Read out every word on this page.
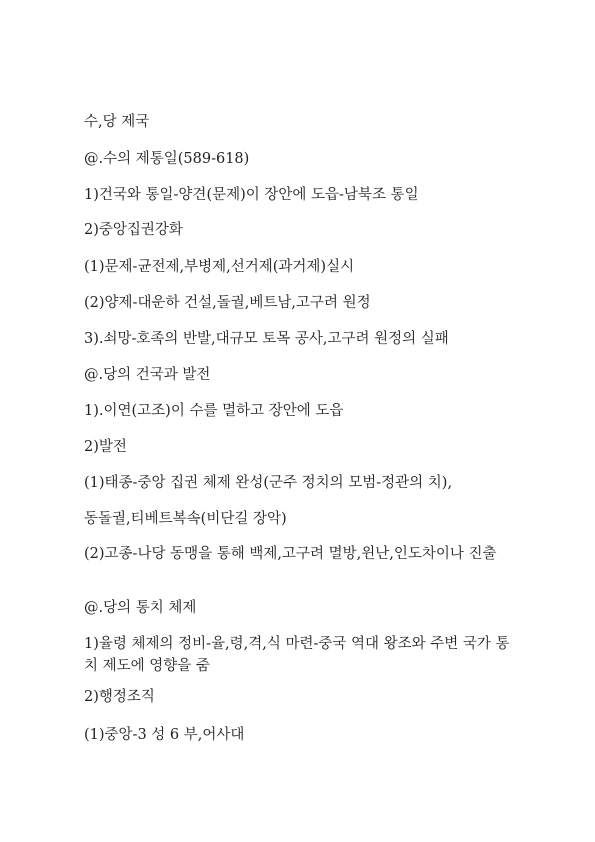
수,당 제국
@.수의 제통일(589-618)
1)건국와 통일-양견(문제)이 장안에 도읍-남북조 통일
2)중앙집권강화
(1)문제-균전제,부병제,선거제(과거제)실시
(2)양제-대운하 건설,돌궐,베트남,고구려 원정
3).쇠망-호족의 반발,대규모 토목 공사,고구려 원정의 실패
@.당의 건국과 발전
1).이연(고조)이 수를 멸하고 장안에 도읍
2)발전
(1)태종-중앙 집권 체제 완성(군주 정치의 모범-정관의 치),
동돌궐,티베트복속(비단길 장악)
(2)고종-나당 동맹을 통해 백제,고구려 멸방,윈난,인도차이나 진출
@.당의 통치 체제
1)율령 체제의 정비-율,령,격,식 마련-중국 역대 왕조와 주변 국가 통치 제도에 영향을 줌
2)행정조직
(1)중앙-3 성 6 부,어사대
